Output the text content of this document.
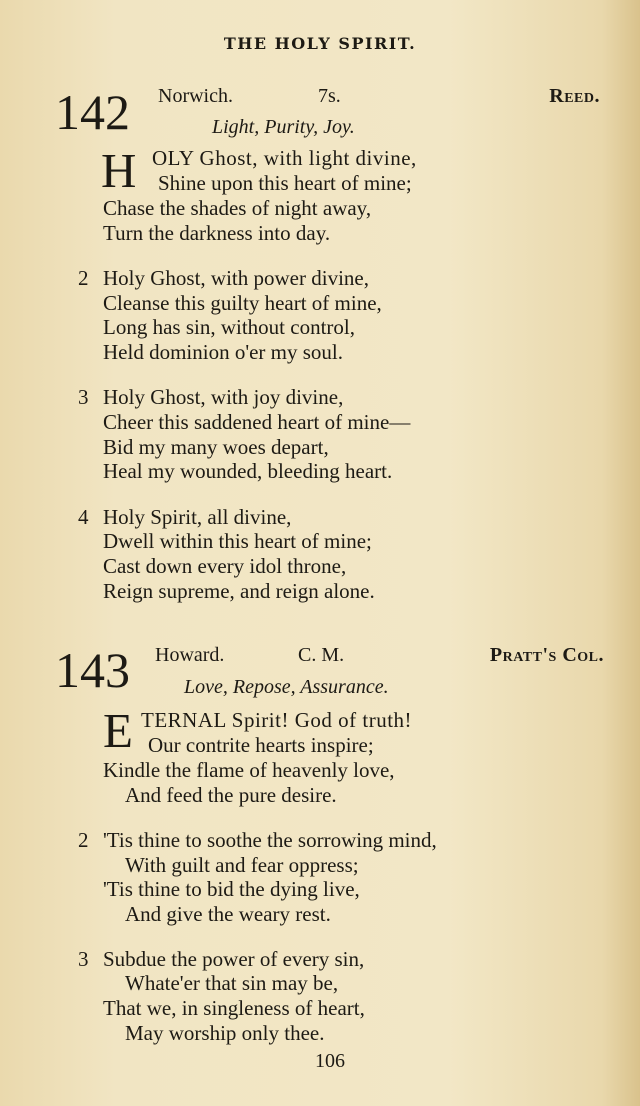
THE HOLY SPIRIT.
142 Norwich.	7s.	Reed.
Light, Purity, Joy.
H OLY Ghost, with light divine,
Shine upon this heart of mine;
Chase the shades of night away,
Turn the darkness into day.
2 Holy Ghost, with power divine,
Cleanse this guilty heart of mine,
Long has sin, without control,
Held dominion o'er my soul.
3 Holy Ghost, with joy divine,
Cheer this saddened heart of mine—
Bid my many woes depart,
Heal my wounded, bleeding heart.
4 Holy Spirit, all divine,
Dwell within this heart of mine;
Cast down every idol throne,
Reign supreme, and reign alone.
143 Howard.	C. M.	Pratt's Col.
Love, Repose, Assurance.
E TERNAL Spirit! God of truth!
Our contrite hearts inspire;
Kindle the flame of heavenly love,
And feed the pure desire.
2 'Tis thine to soothe the sorrowing mind,
With guilt and fear oppress;
'Tis thine to bid the dying live,
And give the weary rest.
3 Subdue the power of every sin,
Whate'er that sin may be,
That we, in singleness of heart,
May worship only thee.
106
